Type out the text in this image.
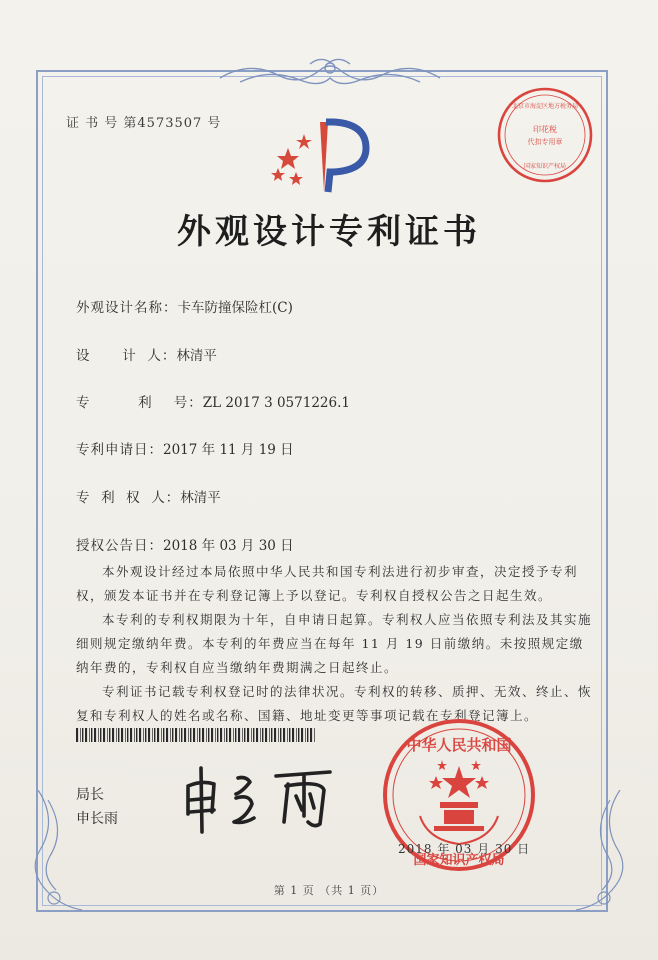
证 书 号 第4573507 号	印花税
代扣专用章
北京市海淀区地方税务局
国家知识产权局
外观设计专利证书
外观设计名称：卡车防撞保险杠(C)
设      计  人：林清平
专         利    号：ZL 2017 3 0571226.1
专利申请日：2017 年 11 月 19 日
专  利  权  人：林清平
授权公告日：2018 年 03 月 30 日

本外观设计经过本局依照中华人民共和国专利法进行初步审查，决定授予专利权，颁发本证书并在专利登记簿上予以登记。专利权自授权公告之日起生效。

本专利的专利权期限为十年，自申请日起算。专利权人应当依照专利法及其实施细则规定缴纳年费。本专利的年费应当在每年 11 月 19 日前缴纳。未按照规定缴纳年费的，专利权自应当缴纳年费期满之日起终止。

专利证书记载专利权登记时的法律状况。专利权的转移、质押、无效、终止、恢复和专利权人的姓名或名称、国籍、地址变更等事项记载在专利登记簿上。

局长
申长雨
中华人民共和国
国家知识产权局
2018 年 03 月 30 日
第 1 页 （共 1 页）
